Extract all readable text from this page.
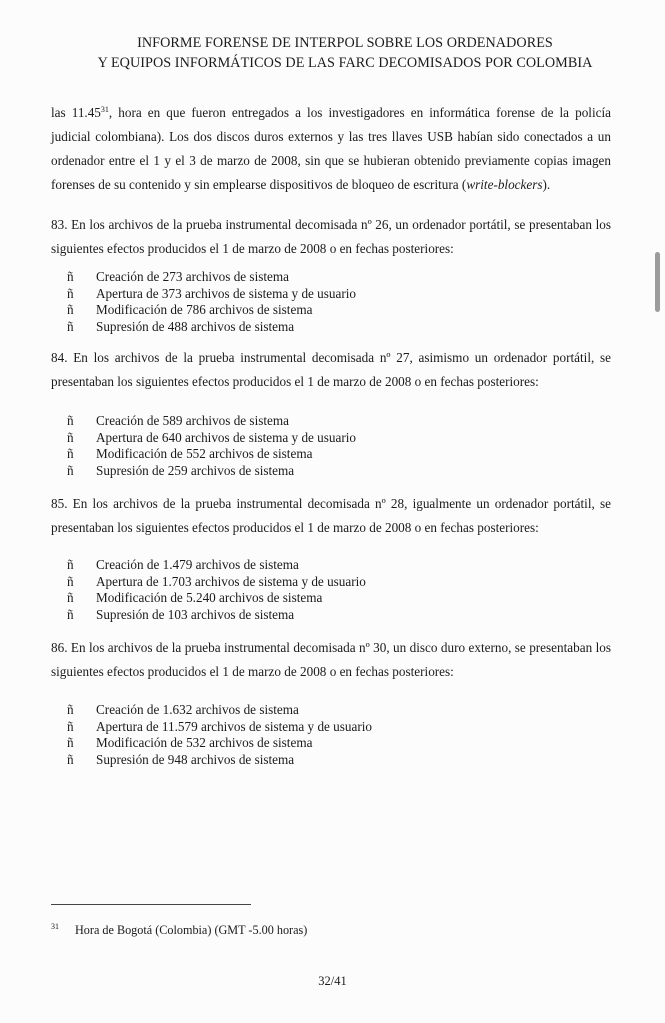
INFORME FORENSE DE INTERPOL SOBRE LOS ORDENADORES
Y EQUIPOS INFORMÁTICOS DE LAS FARC DECOMISADOS POR COLOMBIA
las 11.45$^{31}$, hora en que fueron entregados a los investigadores en informática forense de la policía judicial colombiana). Los dos discos duros externos y las tres llaves USB habían sido conectados a un ordenador entre el 1 y el 3 de marzo de 2008, sin que se hubieran obtenido previamente copias imagen forenses de su contenido y sin emplearse dispositivos de bloqueo de escritura (write-blockers).
83. En los archivos de la prueba instrumental decomisada nº 26, un ordenador portátil, se presentaban los siguientes efectos producidos el 1 de marzo de 2008 o en fechas posteriores:
ñ	Creación de 273 archivos de sistema
ñ	Apertura de 373 archivos de sistema y de usuario
ñ	Modificación de 786 archivos de sistema
ñ	Supresión de 488 archivos de sistema
84. En los archivos de la prueba instrumental decomisada nº 27, asimismo un ordenador portátil, se presentaban los siguientes efectos producidos el 1 de marzo de 2008 o en fechas posteriores:
ñ	Creación de 589 archivos de sistema
ñ	Apertura de 640 archivos de sistema y de usuario
ñ	Modificación de 552 archivos de sistema
ñ	Supresión de 259 archivos de sistema
85. En los archivos de la prueba instrumental decomisada nº 28, igualmente un ordenador portátil, se presentaban los siguientes efectos producidos el 1 de marzo de 2008 o en fechas posteriores:
ñ	Creación de 1.479 archivos de sistema
ñ	Apertura de 1.703 archivos de sistema y de usuario
ñ	Modificación de 5.240 archivos de sistema
ñ	Supresión de 103 archivos de sistema
86. En los archivos de la prueba instrumental decomisada nº 30, un disco duro externo, se presentaban los siguientes efectos producidos el 1 de marzo de 2008 o en fechas posteriores:
ñ	Creación de 1.632 archivos de sistema
ñ	Apertura de 11.579 archivos de sistema y de usuario
ñ	Modificación de 532 archivos de sistema
ñ	Supresión de 948 archivos de sistema
31 Hora de Bogotá (Colombia) (GMT -5.00 horas)
32/41
